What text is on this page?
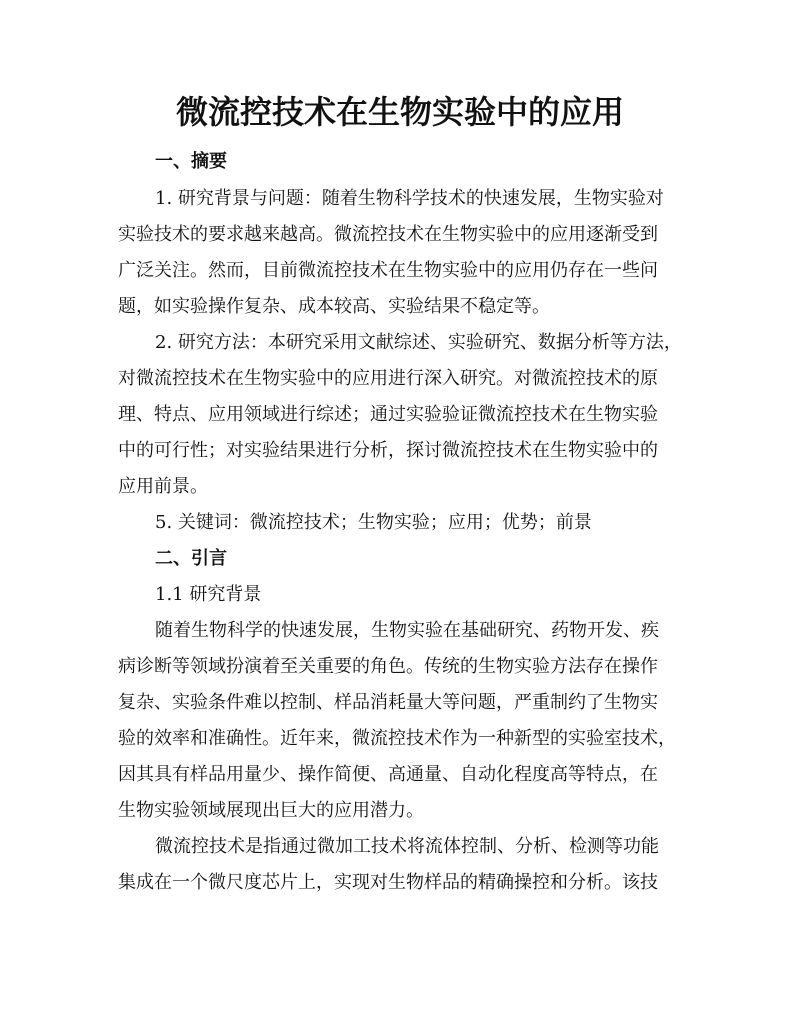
微流控技术在生物实验中的应用
一、摘要
1. 研究背景与问题：随着生物科学技术的快速发展，生物实验对
实验技术的要求越来越高。微流控技术在生物实验中的应用逐渐受到
广泛关注。然而，目前微流控技术在生物实验中的应用仍存在一些问
题，如实验操作复杂、成本较高、实验结果不稳定等。
2. 研究方法：本研究采用文献综述、实验研究、数据分析等方法，
对微流控技术在生物实验中的应用进行深入研究。对微流控技术的原
理、特点、应用领域进行综述；通过实验验证微流控技术在生物实验
中的可行性；对实验结果进行分析，探讨微流控技术在生物实验中的
应用前景。
5. 关键词：微流控技术；生物实验；应用；优势；前景
二、引言
1.1 研究背景
随着生物科学的快速发展，生物实验在基础研究、药物开发、疾
病诊断等领域扮演着至关重要的角色。传统的生物实验方法存在操作
复杂、实验条件难以控制、样品消耗量大等问题，严重制约了生物实
验的效率和准确性。近年来，微流控技术作为一种新型的实验室技术，
因其具有样品用量少、操作简便、高通量、自动化程度高等特点，在
生物实验领域展现出巨大的应用潜力。
微流控技术是指通过微加工技术将流体控制、分析、检测等功能
集成在一个微尺度芯片上，实现对生物样品的精确操控和分析。该技
